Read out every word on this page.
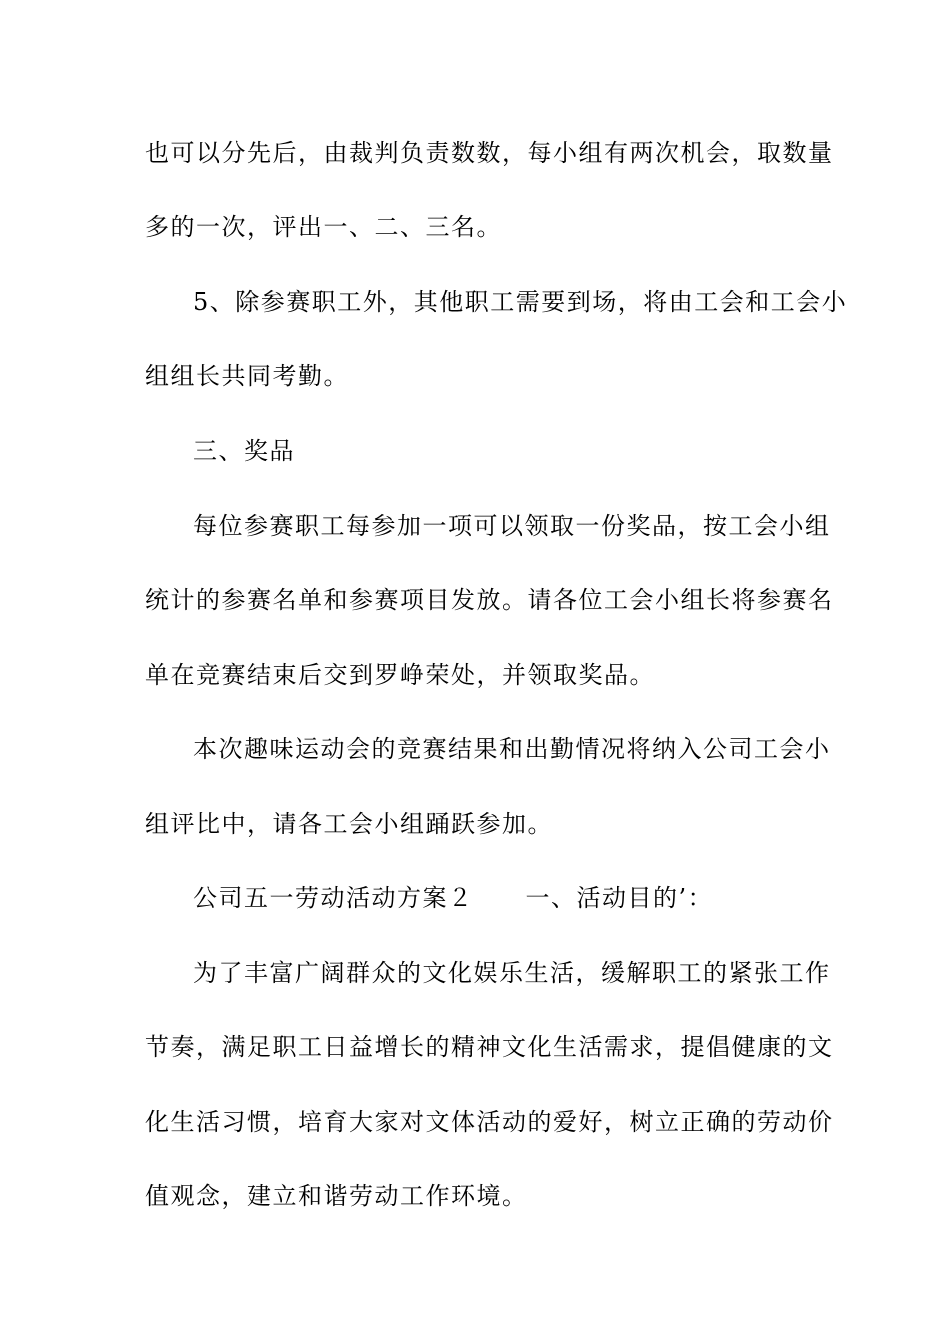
也可以分先后，由裁判负责数数，每小组有两次机会，取数量
多的一次，评出一、二、三名。
5、除参赛职工外，其他职工需要到场，将由工会和工会小
组组长共同考勤。
三、奖品
每位参赛职工每参加一项可以领取一份奖品，按工会小组
统计的参赛名单和参赛项目发放。请各位工会小组长将参赛名
单在竞赛结束后交到罗峥荣处，并领取奖品。
本次趣味运动会的竞赛结果和出勤情况将纳入公司工会小
组评比中，请各工会小组踊跃参加。
公司五一劳动活动方案２ 一、活动目的’：
为了丰富广阔群众的文化娱乐生活，缓解职工的紧张工作
节奏，满足职工日益增长的精神文化生活需求，提倡健康的文
化生活习惯，培育大家对文体活动的爱好，树立正确的劳动价
值观念，建立和谐劳动工作环境。
